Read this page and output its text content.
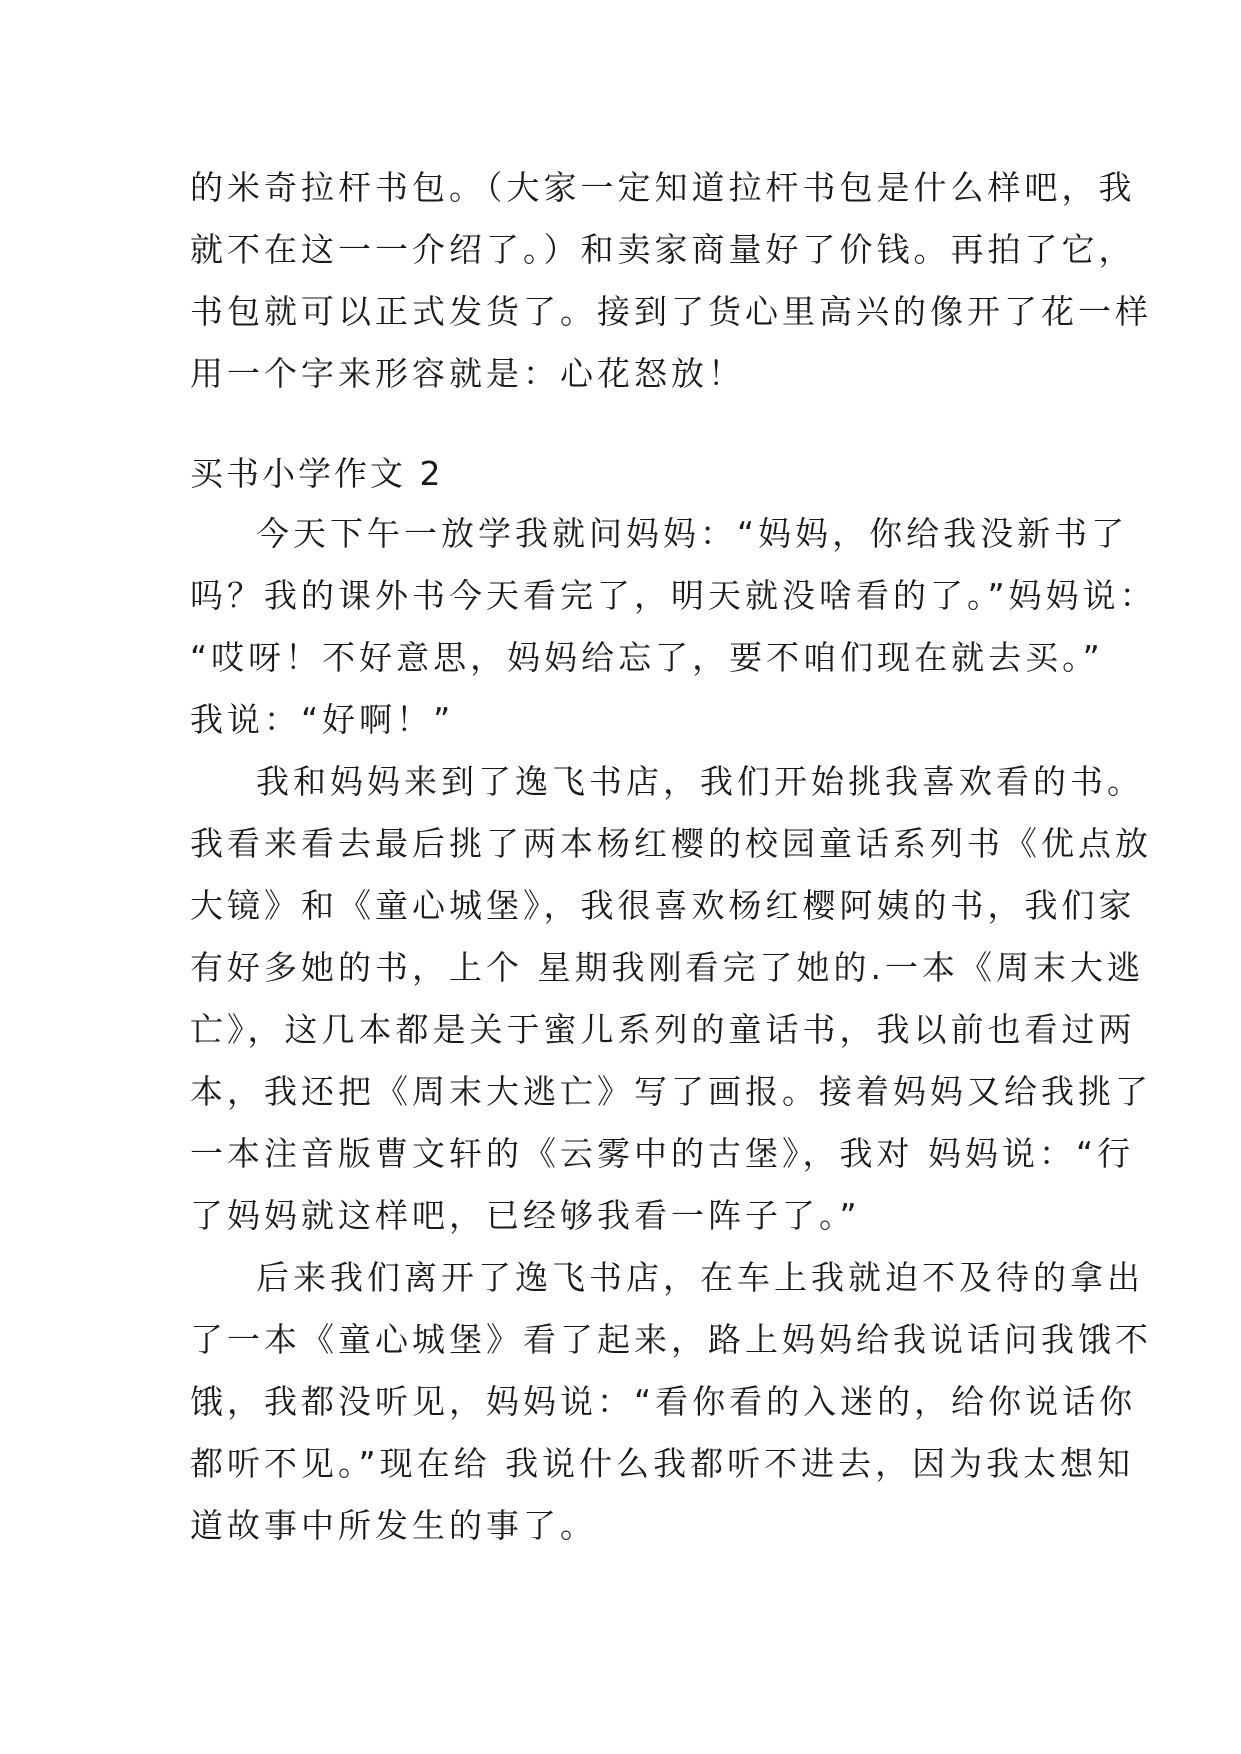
的米奇拉杆书包。（大家一定知道拉杆书包是什么样吧，我
就不在这一一介绍了。）和卖家商量好了价钱。再拍了它，
书包就可以正式发货了。接到了货心里高兴的像开了花一样
用一个字来形容就是：心花怒放！
买书小学作文 2
今天下午一放学我就问妈妈：“妈妈，你给我没新书了
吗？我的课外书今天看完了，明天就没啥看的了。”妈妈说：
“哎呀！不好意思，妈妈给忘了，要不咱们现在就去买。”
我说：“好啊！”
我和妈妈来到了逸飞书店，我们开始挑我喜欢看的书。
我看来看去最后挑了两本杨红樱的校园童话系列书《优点放
大镜》和《童心城堡》，我很喜欢杨红樱阿姨的书，我们家
有好多她的书，上个 星期我刚看完了她的.一本《周末大逃
亡》，这几本都是关于蜜儿系列的童话书，我以前也看过两
本，我还把《周末大逃亡》写了画报。接着妈妈又给我挑了
一本注音版曹文轩的《云雾中的古堡》，我对 妈妈说：“行
了妈妈就这样吧，已经够我看一阵子了。”
后来我们离开了逸飞书店，在车上我就迫不及待的拿出
了一本《童心城堡》看了起来，路上妈妈给我说话问我饿不
饿，我都没听见，妈妈说：“看你看的入迷的，给你说话你
都听不见。”现在给 我说什么我都听不进去，因为我太想知
道故事中所发生的事了。
